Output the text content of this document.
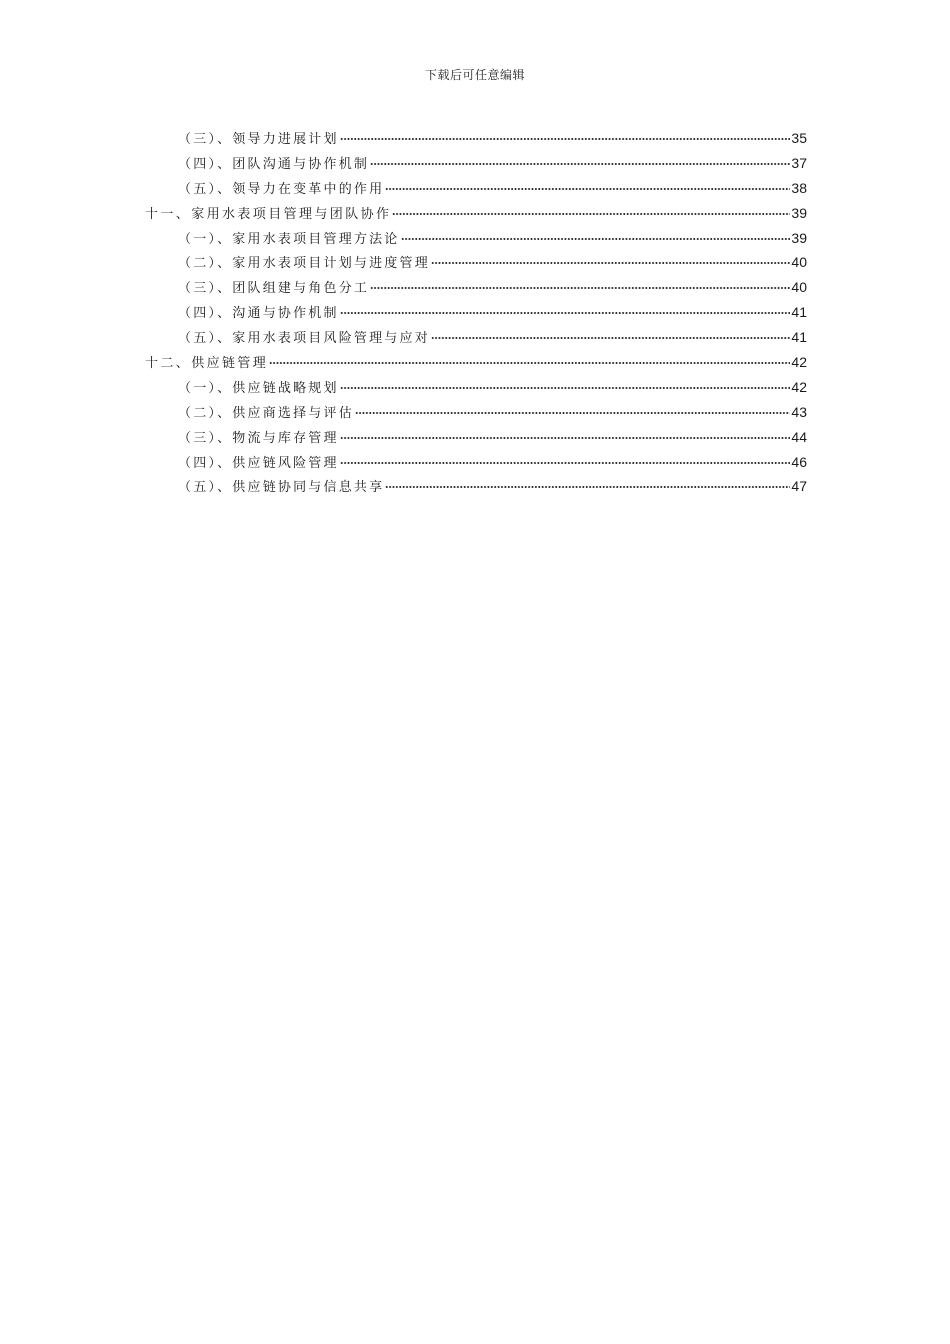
下载后可任意编辑
（三）、领导力进展计划	35
（四）、团队沟通与协作机制	37
（五）、领导力在变革中的作用	38
十一、家用水表项目管理与团队协作	39
（一）、家用水表项目管理方法论	39
（二）、家用水表项目计划与进度管理	40
（三）、团队组建与角色分工	40
（四）、沟通与协作机制	41
（五）、家用水表项目风险管理与应对	41
十二、供应链管理	42
（一）、供应链战略规划	42
（二）、供应商选择与评估	43
（三）、物流与库存管理	44
（四）、供应链风险管理	46
（五）、供应链协同与信息共享	47
